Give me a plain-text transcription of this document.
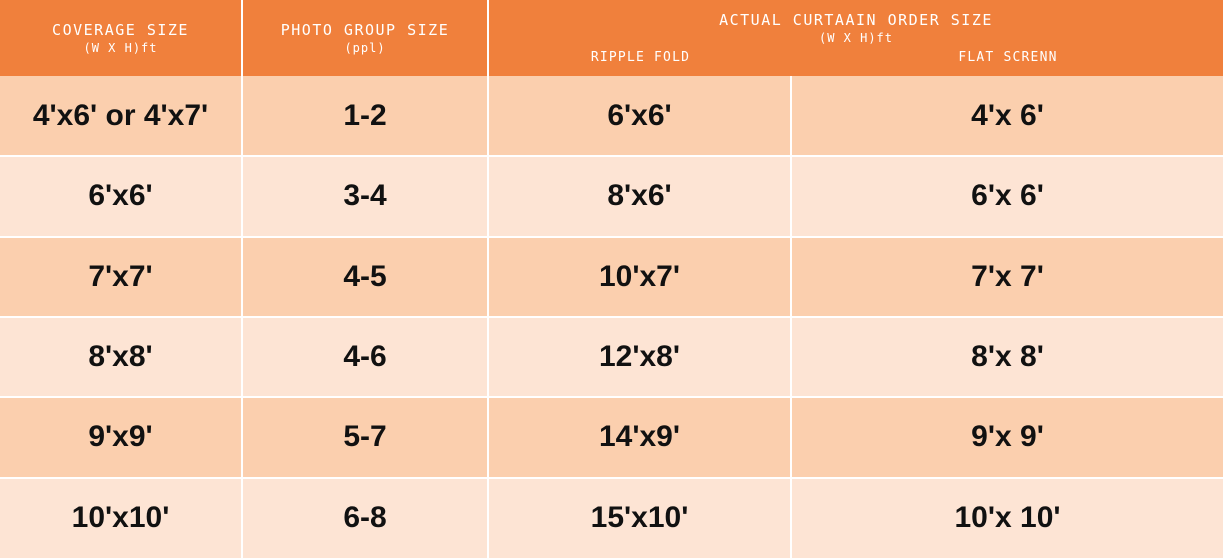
COVERAGE SIZE
(W X H)ft

PHOTO GROUP SIZE
(ppl)

ACTUAL CURTAAIN ORDER SIZE
(W X H)ft
RIPPLE FOLD	FLAT SCRENN

4'x6' or 4'x7'	1-2	6'x6'	4'x 6'
6'x6'	3-4	8'x6'	6'x 6'
7'x7'	4-5	10'x7'	7'x 7'
8'x8'	4-6	12'x8'	8'x 8'
9'x9'	5-7	14'x9'	9'x 9'
10'x10'	6-8	15'x10'	10'x 10'
